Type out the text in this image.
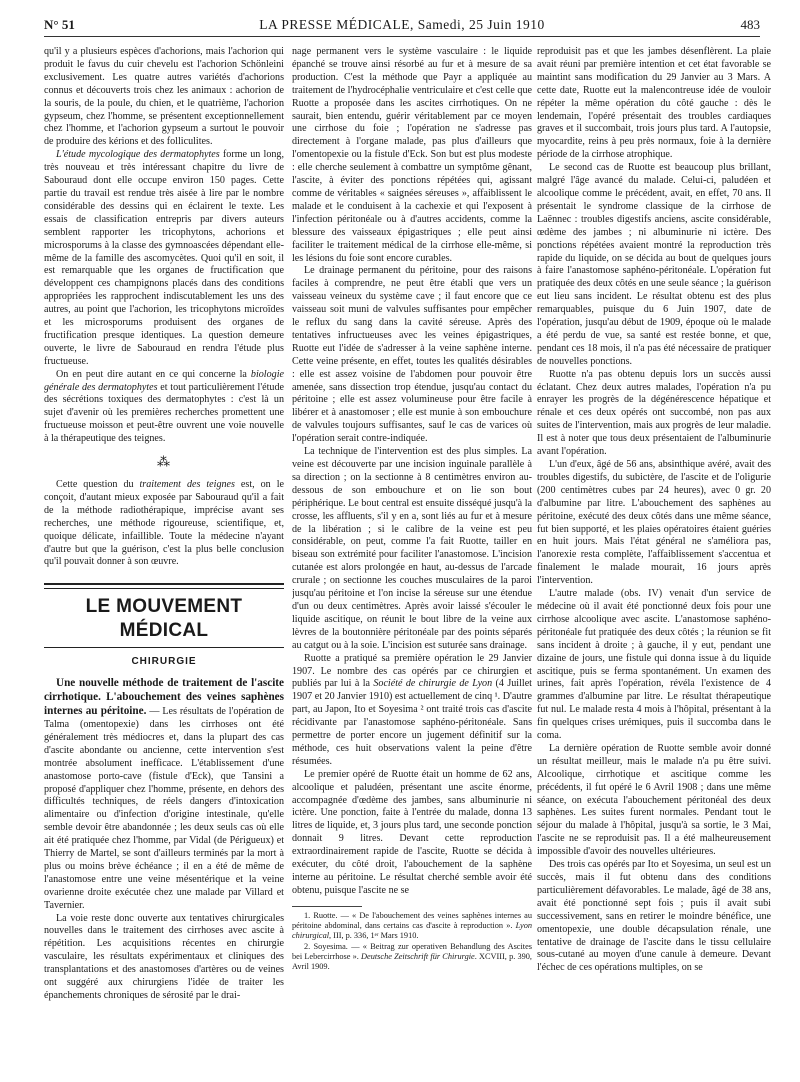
N° 51	LA PRESSE MÉDICALE, Samedi, 25 Juin 1910	483

qu'il y a plusieurs espèces d'achorions, mais l'achorion qui produit le favus du cuir chevelu est l'achorion Schönleini exclusivement. Les quatre autres variétés d'achorions connus et découverts trois chez les animaux : achorion de la souris, de la poule, du chien, et le quatrième, l'achorion gypseum, chez l'homme, se présentent exceptionnellement chez l'homme, et l'achorion gypseum a surtout le pouvoir de produire des kérions et des folliculites.

L'étude mycologique des dermatophytes forme un long, très nouveau et très intéressant chapitre du livre de Sabouraud dont elle occupe environ 150 pages. Cette partie du travail est rendue très aisée à lire par le nombre considérable des dessins qui en éclairent le texte. Les essais de classification entrepris par divers auteurs semblent rapporter les tricophytons, achorions et microsporums à la classe des gymnoascées dépendant elle-même de la famille des ascomycètes. Quoi qu'il en soit, il est remarquable que les organes de fructification que développent ces champignons placés dans des conditions appropriées les rapprochent indiscutablement les uns des autres, au point que l'achorion, les tricophytons microïdes et les microsporums produisent des organes de fructification presque identiques. La question demeure ouverte, le livre de Sabouraud en rendra l'étude plus fructueuse.

On en peut dire autant en ce qui concerne la biologie générale des dermatophytes et tout particulièrement l'étude des sécrétions toxiques des dermatophytes : c'est là un sujet d'avenir où les premières recherches promettent une fructueuse moisson et peut-être ouvrent une voie nouvelle à la thérapeutique des teignes.

⁂

Cette question du traitement des teignes est, on le conçoit, d'autant mieux exposée par Sabouraud qu'il a fait de la méthode radiothérapique, imprécise avant ses recherches, une méthode rigoureuse, scientifique, et, quoique délicate, infaillible. Toute la médecine n'ayant d'autre but que la guérison, c'est la plus belle conclusion qu'il pouvait donner à son œuvre.

LE MOUVEMENT MÉDICAL
CHIRURGIE

Une nouvelle méthode de traitement de l'ascite cirrhotique. L'abouchement des veines saphènes internes au péritoine. — Les résultats de l'opération de Talma (omentopexie) dans les cirrhoses ont été généralement très médiocres et, dans la plupart des cas d'ascite abondante ou ancienne, cette intervention s'est montrée absolument inefficace. L'établissement d'une anastomose porto-cave (fistule d'Eck), que Tansini a proposé d'appliquer chez l'homme, présente, en dehors des difficultés techniques, de réels dangers d'intoxication alimentaire ou d'infection d'origine intestinale, qu'elle semble devoir être abandonnée ; les deux seuls cas où elle ait été pratiquée chez l'homme, par Vidal (de Périgueux) et Thierry de Martel, se sont d'ailleurs terminés par la mort à plus ou moins brève échéance ; il en a été de même de l'anastomose entre une veine mésentérique et la veine ovarienne droite exécutée chez une malade par Villard et Tavernier.

La voie reste donc ouverte aux tentatives chirurgicales nouvelles dans le traitement des cirrhoses avec ascite à répétition. Les acquisitions récentes en chirurgie vasculaire, les résultats expérimentaux et cliniques des transplantations et des anastomoses d'artères ou de veines ont suggéré aux chirurgiens l'idée de traiter les épanchements chroniques de sérosité par le drai-

nage permanent vers le système vasculaire : le liquide épanché se trouve ainsi résorbé au fur et à mesure de sa production. C'est la méthode que Payr a appliquée au traitement de l'hydrocéphalie ventriculaire et c'est celle que Ruotte a proposée dans les ascites cirrhotiques. On ne saurait, bien entendu, guérir véritablement par ce moyen une cirrhose du foie ; l'opération ne s'adresse pas directement à l'organe malade, pas plus d'ailleurs que l'omentopexie ou la fistule d'Eck. Son but est plus modeste : elle cherche seulement à combattre un symptôme gênant, l'ascite, à éviter des ponctions répétées qui, agissant comme de véritables « saignées séreuses », affaiblissent le malade et le conduisent à la cachexie et qui l'exposent à l'infection péritonéale ou à d'autres accidents, comme la blessure des vaisseaux épigastriques ; elle peut ainsi faciliter le traitement médical de la cirrhose elle-même, si les lésions du foie sont encore curables.

Le drainage permanent du péritoine, pour des raisons faciles à comprendre, ne peut être établi que vers un vaisseau veineux du système cave ; il faut encore que ce vaisseau soit muni de valvules suffisantes pour empêcher le reflux du sang dans la cavité séreuse. Après des tentatives infructueuses avec les veines épigastriques, Ruotte eut l'idée de s'adresser à la veine saphène interne. Cette veine présente, en effet, toutes les qualités désirables : elle est assez voisine de l'abdomen pour pouvoir être amenée, sans dissection trop étendue, jusqu'au contact du péritoine ; elle est assez volumineuse pour être facile à libérer et à anastomoser ; elle est munie à son embouchure de valvules toujours suffisantes, sauf le cas de varices où l'opération serait contre-indiquée.

La technique de l'intervention est des plus simples. La veine est découverte par une incision inguinale parallèle à sa direction ; on la sectionne à 8 centimètres environ au-dessous de son embouchure et on lie son bout périphérique. Le bout central est ensuite disséqué jusqu'à la crosse, les affluents, s'il y en a, sont liés au fur et à mesure de la libération ; si le calibre de la veine est peu considérable, on peut, comme l'a fait Ruotte, tailler en biseau son extrémité pour faciliter l'anastomose. L'incision cutanée est alors prolongée en haut, au-dessus de l'arcade crurale ; on sectionne les couches musculaires de la paroi jusqu'au péritoine et l'on incise la séreuse sur une étendue d'un ou deux centimètres. Après avoir laissé s'écouler le liquide ascitique, on réunit le bout libre de la veine aux lèvres de la boutonnière péritonéale par des points séparés au catgut ou à la soie. L'incision est suturée sans drainage.

Ruotte a pratiqué sa première opération le 29 Janvier 1907. Le nombre des cas opérés par ce chirurgien et publiés par lui à la Société de chirurgie de Lyon (4 Juillet 1907 et 20 Janvier 1910) est actuellement de cinq ¹. D'autre part, au Japon, Ito et Soyesima ² ont traité trois cas d'ascite récidivante par l'anastomose saphéno-péritonéale. Sans permettre de porter encore un jugement définitif sur la méthode, ces huit observations valent la peine d'être résumées.

Le premier opéré de Ruotte était un homme de 62 ans, alcoolique et paludéen, présentant une ascite énorme, accompagnée d'œdème des jambes, sans albuminurie ni ictère. Une ponction, faite à l'entrée du malade, donna 13 litres de liquide, et, 3 jours plus tard, une seconde ponction donnait 9 litres. Devant cette reproduction extraordinairement rapide de l'ascite, Ruotte se décida à exécuter, du côté droit, l'abouchement de la saphène interne au péritoine. Le résultat cherché semble avoir été obtenu, puisque l'ascite ne se

1. Ruotte. — « De l'abouchement des veines saphènes internes au péritoine abdominal, dans certains cas d'ascite à reproduction ». Lyon chirurgical, III, p. 336, 1ᵉʳ Mars 1910.

2. Soyesima. — « Beitrag zur operativen Behandlung des Ascites bei Lebercirrhose ». Deutsche Zeitschrift für Chirurgie. XCVIII, p. 390, Avril 1909.

reproduisit pas et que les jambes désenflèrent. La plaie avait réuni par première intention et cet état favorable se maintint sans modification du 29 Janvier au 3 Mars. A cette date, Ruotte eut la malencontreuse idée de vouloir répéter la même opération du côté gauche : dès le lendemain, l'opéré présentait des troubles cardiaques graves et il succombait, trois jours plus tard. A l'autopsie, myocardite, reins à peu près normaux, foie à la dernière période de la cirrhose atrophique.

Le second cas de Ruotte est beaucoup plus brillant, malgré l'âge avancé du malade. Celui-ci, paludéen et alcoolique comme le précédent, avait, en effet, 70 ans. Il présentait le syndrome classique de la cirrhose de Laënnec : troubles digestifs anciens, ascite considérable, œdème des jambes ; ni albuminurie ni ictère. Des ponctions répétées avaient montré la reproduction très rapide du liquide, on se décida au bout de quelques jours à faire l'anastomose saphéno-péritonéale. L'opération fut pratiquée des deux côtés en une seule séance ; la guérison eut lieu sans incident. Le résultat obtenu est des plus remarquables, puisque du 6 Juin 1907, date de l'opération, jusqu'au début de 1909, époque où le malade a été perdu de vue, sa santé est restée bonne, et que, pendant ces 18 mois, il n'a pas été nécessaire de pratiquer de nouvelles ponctions.

Ruotte n'a pas obtenu depuis lors un succès aussi éclatant. Chez deux autres malades, l'opération n'a pu enrayer les progrès de la dégénérescence hépatique et rénale et ces deux opérés ont succombé, non pas aux suites de l'intervention, mais aux progrès de leur maladie. Il est à noter que tous deux présentaient de l'albuminurie avant l'opération.

L'un d'eux, âgé de 56 ans, absinthique avéré, avait des troubles digestifs, du subictère, de l'ascite et de l'oligurie (200 centimètres cubes par 24 heures), avec 0 gr. 20 d'albumine par litre. L'abouchement des saphènes au péritoine, exécuté des deux côtés dans une même séance, fut bien supporté, et les plaies opératoires étaient guéries en huit jours. Mais l'état général ne s'améliora pas, l'anorexie resta complète, l'affaiblissement s'accentua et finalement le malade mourait, 16 jours après l'intervention.

L'autre malade (obs. IV) venait d'un service de médecine où il avait été ponctionné deux fois pour une cirrhose alcoolique avec ascite. L'anastomose saphéno-péritonéale fut pratiquée des deux côtés ; la réunion se fit sans incident à droite ; à gauche, il y eut, pendant une dizaine de jours, une fistule qui donna issue à du liquide ascitique, puis se ferma spontanément. Un examen des urines, fait après l'opération, révéla l'existence de 4 grammes d'albumine par litre. Le résultat thérapeutique fut nul. Le malade resta 4 mois à l'hôpital, présentant à la fin quelques crises urémiques, puis il succomba dans le coma.

La dernière opération de Ruotte semble avoir donné un résultat meilleur, mais le malade n'a pu être suivi. Alcoolique, cirrhotique et ascitique comme les précédents, il fut opéré le 6 Avril 1908 ; dans une même séance, on exécuta l'abouchement péritonéal des deux saphènes. Les suites furent normales. Pendant tout le séjour du malade à l'hôpital, jusqu'à sa sortie, le 3 Mai, l'ascite ne se reproduisit pas. Il a été malheureusement impossible d'avoir des nouvelles ultérieures.

Des trois cas opérés par Ito et Soyesima, un seul est un succès, mais il fut obtenu dans des conditions particulièrement défavorables. Le malade, âgé de 38 ans, avait été ponctionné sept fois ; puis il avait subi successivement, sans en retirer le moindre bénéfice, une omentopexie, une double décapsulation rénale, une tentative de drainage de l'ascite dans le tissu cellulaire sous-cutané au moyen d'une canule à demeure. Devant l'échec de ces opérations multiples, on se
